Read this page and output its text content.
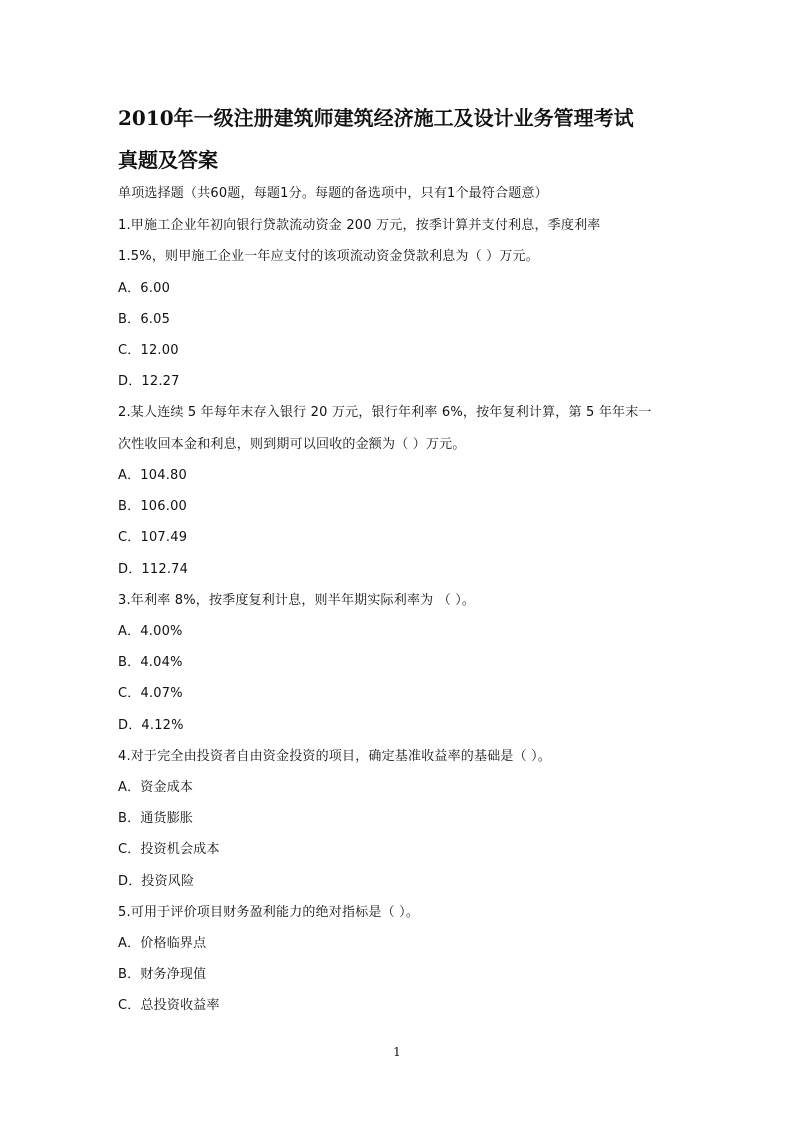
2010年一级注册建筑师建筑经济施工及设计业务管理考试
真题及答案
单项选择题（共60题，每题1分。每题的备选项中，只有1个最符合题意）
1.甲施工企业年初向银行贷款流动资金 200 万元，按季计算并支付利息，季度利率
1.5%，则甲施工企业一年应支付的该项流动资金贷款利息为（ ）万元。
A．6.00
B．6.05
C．12.00
D．12.27
2.某人连续 5 年每年末存入银行 20 万元，银行年利率 6%，按年复利计算，第 5 年年末一
次性收回本金和利息，则到期可以回收的金额为（ ）万元。
A．104.80
B．106.00
C．107.49
D．112.74
3.年利率 8%，按季度复利计息，则半年期实际利率为 （ ）。
A．4.00%
B．4.04%
C．4.07%
D．4.12%
4.对于完全由投资者自由资金投资的项目，确定基准收益率的基础是（ ）。
A．资金成本
B．通货膨胀
C．投资机会成本
D．投资风险
5.可用于评价项目财务盈利能力的绝对指标是（ ）。
A．价格临界点
B．财务净现值
C．总投资收益率
1
